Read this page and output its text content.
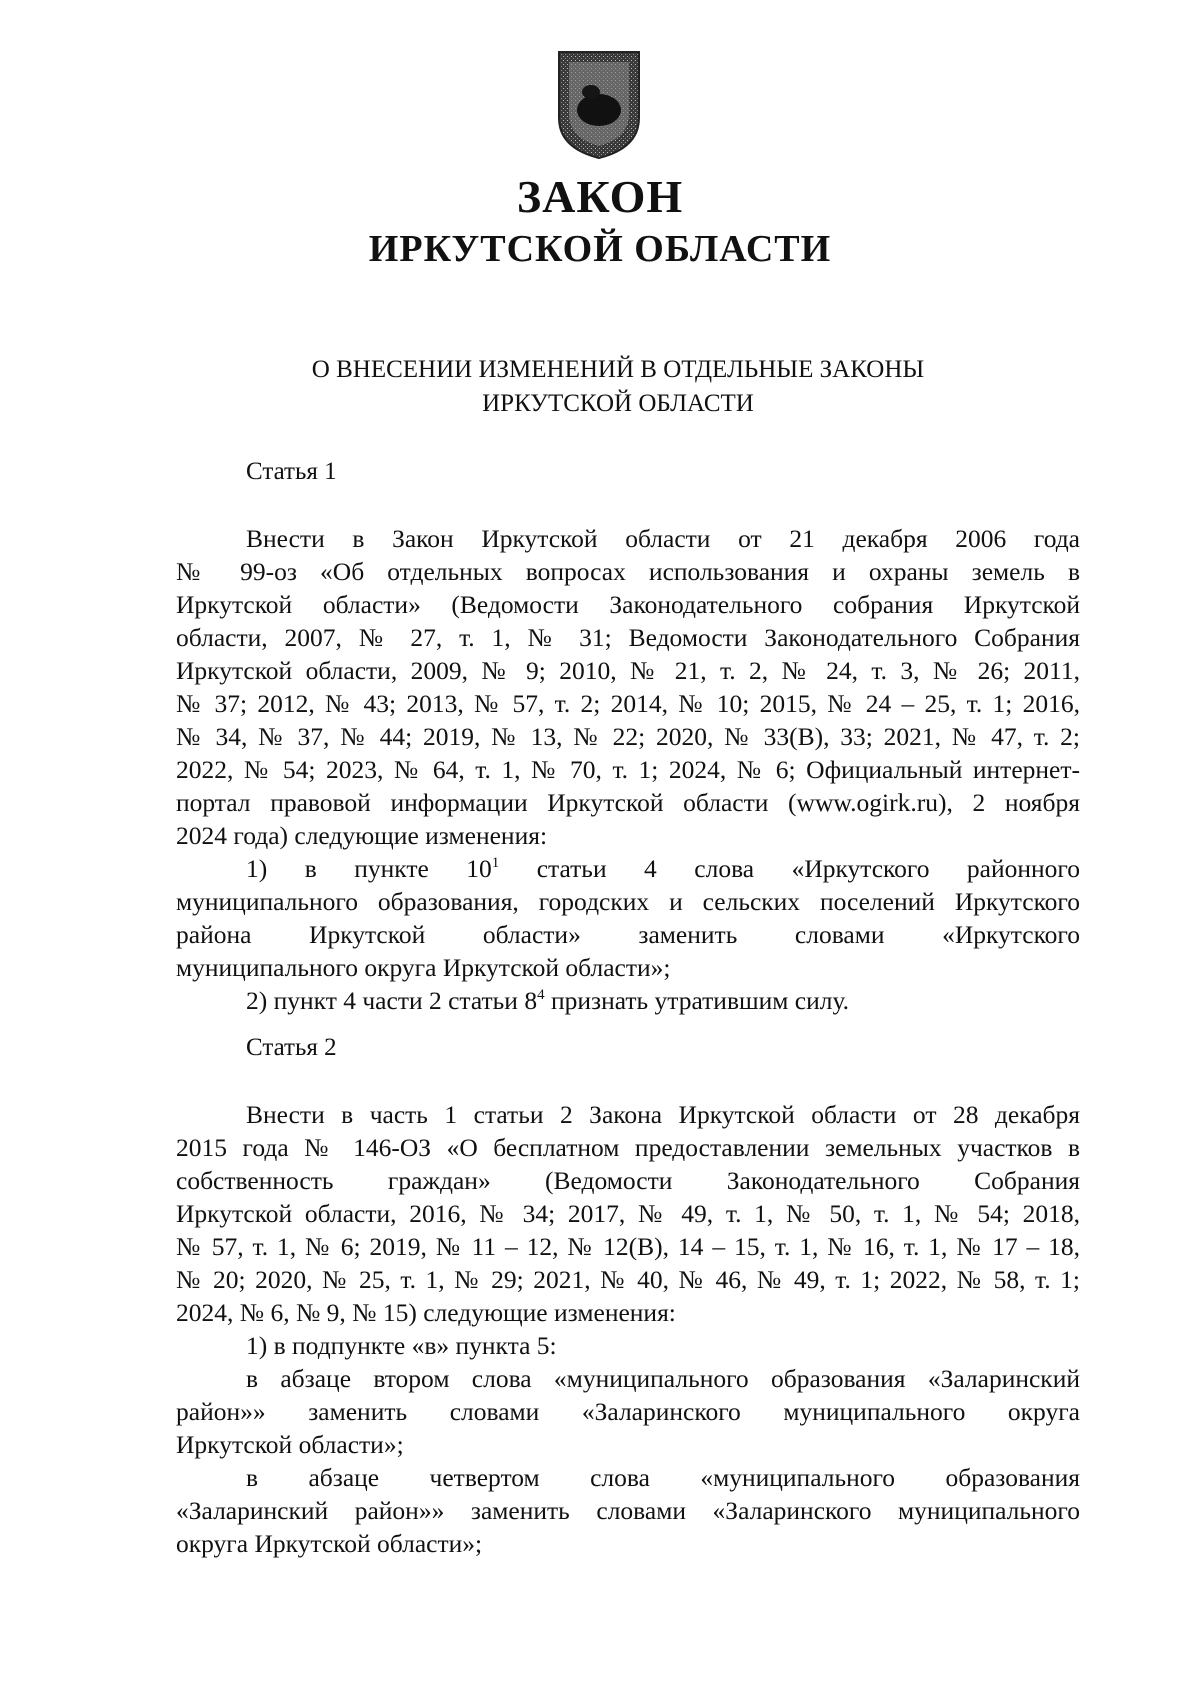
ЗАКОН
ИРКУТСКОЙ ОБЛАСТИ
О ВНЕСЕНИИ ИЗМЕНЕНИЙ В ОТДЕЛЬНЫЕ ЗАКОНЫ
ИРКУТСКОЙ ОБЛАСТИ
Статья 1
Внести в Закон Иркутской области от 21 декабря 2006 года
№ 99-оз «Об отдельных вопросах использования и охраны земель в
Иркутской области» (Ведомости Законодательного собрания Иркутской
области, 2007, № 27, т. 1, № 31; Ведомости Законодательного Собрания
Иркутской области, 2009, № 9; 2010, № 21, т. 2, № 24, т. 3, № 26; 2011,
№ 37; 2012, № 43; 2013, № 57, т. 2; 2014, № 10; 2015, № 24 – 25, т. 1; 2016,
№ 34, № 37, № 44; 2019, № 13, № 22; 2020, № 33(В), 33; 2021, № 47, т. 2;
2022, № 54; 2023, № 64, т. 1, № 70, т. 1; 2024, № 6; Официальный интернет-
портал правовой информации Иркутской области (www.ogirk.ru), 2 ноября
2024 года) следующие изменения:
1) в пункте $10^1$ статьи 4 слова «Иркутского районного
муниципального образования, городских и сельских поселений Иркутского
района Иркутской области» заменить словами «Иркутского
муниципального округа Иркутской области»;
2) пункт 4 части 2 статьи $8^4$ признать утратившим силу.
Статья 2
Внести в часть 1 статьи 2 Закона Иркутской области от 28 декабря
2015 года № 146-ОЗ «О бесплатном предоставлении земельных участков в
собственность граждан» (Ведомости Законодательного Собрания
Иркутской области, 2016, № 34; 2017, № 49, т. 1, № 50, т. 1, № 54; 2018,
№ 57, т. 1, № 6; 2019, № 11 – 12, № 12(В), 14 – 15, т. 1, № 16, т. 1, № 17 – 18,
№ 20; 2020, № 25, т. 1, № 29; 2021, № 40, № 46, № 49, т. 1; 2022, № 58, т. 1;
2024, № 6, № 9, № 15) следующие изменения:
1) в подпункте «в» пункта 5:
в абзаце втором слова «муниципального образования «Заларинский
район»» заменить словами «Заларинского муниципального округа
Иркутской области»;
в абзаце четвертом слова «муниципального образования
«Заларинский район»» заменить словами «Заларинского муниципального
округа Иркутской области»;
